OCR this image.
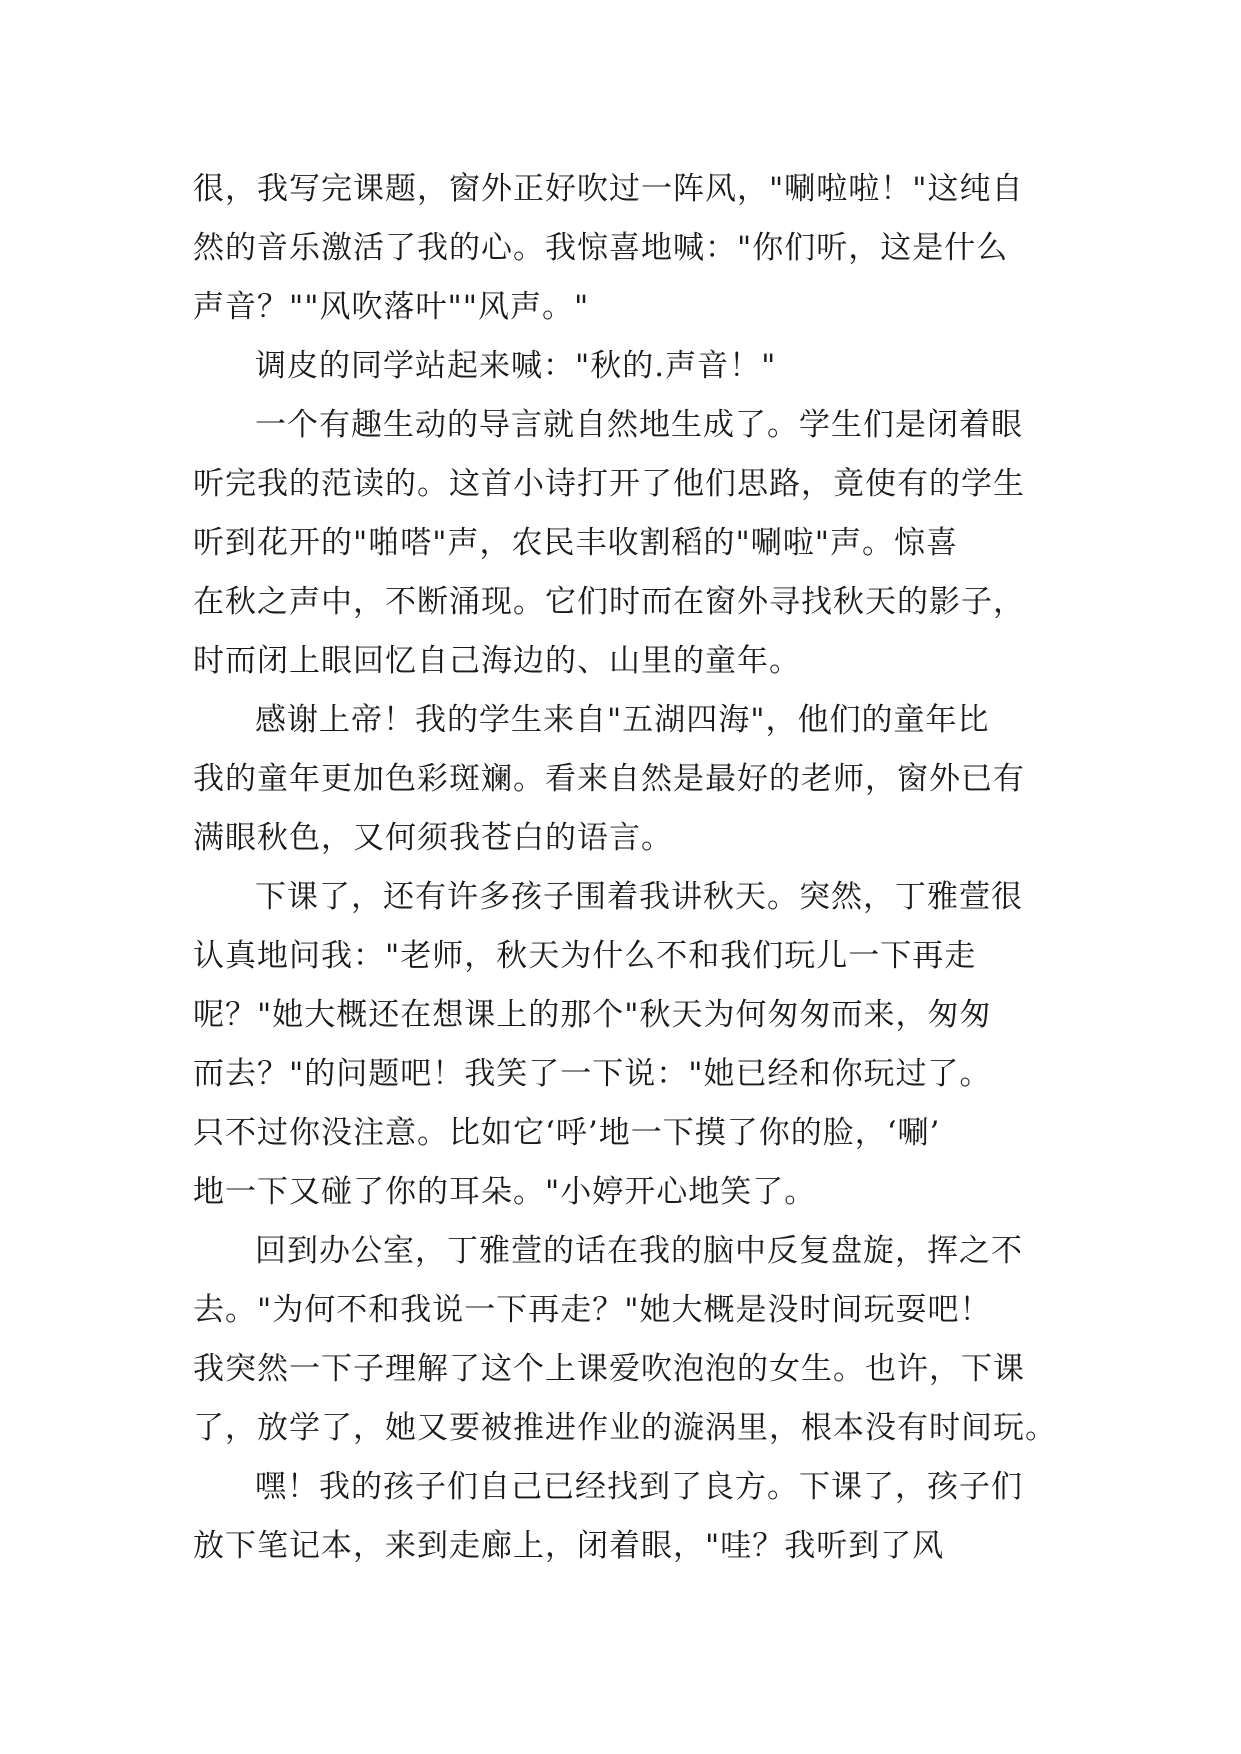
很，我写完课题，窗外正好吹过一阵风，"唰啦啦！"这纯自
然的音乐激活了我的心。我惊喜地喊："你们听，这是什么
声音？""风吹落叶""风声。"
调皮的同学站起来喊："秋的.声音！"
一个有趣生动的导言就自然地生成了。学生们是闭着眼
听完我的范读的。这首小诗打开了他们思路，竟使有的学生
听到花开的"啪嗒"声，农民丰收割稻的"唰啦"声。惊喜
在秋之声中，不断涌现。它们时而在窗外寻找秋天的影子，
时而闭上眼回忆自己海边的、山里的童年。
感谢上帝！我的学生来自"五湖四海"，他们的童年比
我的童年更加色彩斑斓。看来自然是最好的老师，窗外已有
满眼秋色，又何须我苍白的语言。
下课了，还有许多孩子围着我讲秋天。突然，丁雅萱很
认真地问我："老师，秋天为什么不和我们玩儿一下再走
呢？"她大概还在想课上的那个"秋天为何匆匆而来，匆匆
而去？"的问题吧！我笑了一下说："她已经和你玩过了。
只不过你没注意。比如它‘呼’地一下摸了你的脸，‘唰’
地一下又碰了你的耳朵。"小婷开心地笑了。
回到办公室，丁雅萱的话在我的脑中反复盘旋，挥之不
去。"为何不和我说一下再走？"她大概是没时间玩耍吧！
我突然一下子理解了这个上课爱吹泡泡的女生。也许，下课
了，放学了，她又要被推进作业的漩涡里，根本没有时间玩。
嘿！我的孩子们自己已经找到了良方。下课了，孩子们
放下笔记本，来到走廊上，闭着眼，"哇？我听到了风
